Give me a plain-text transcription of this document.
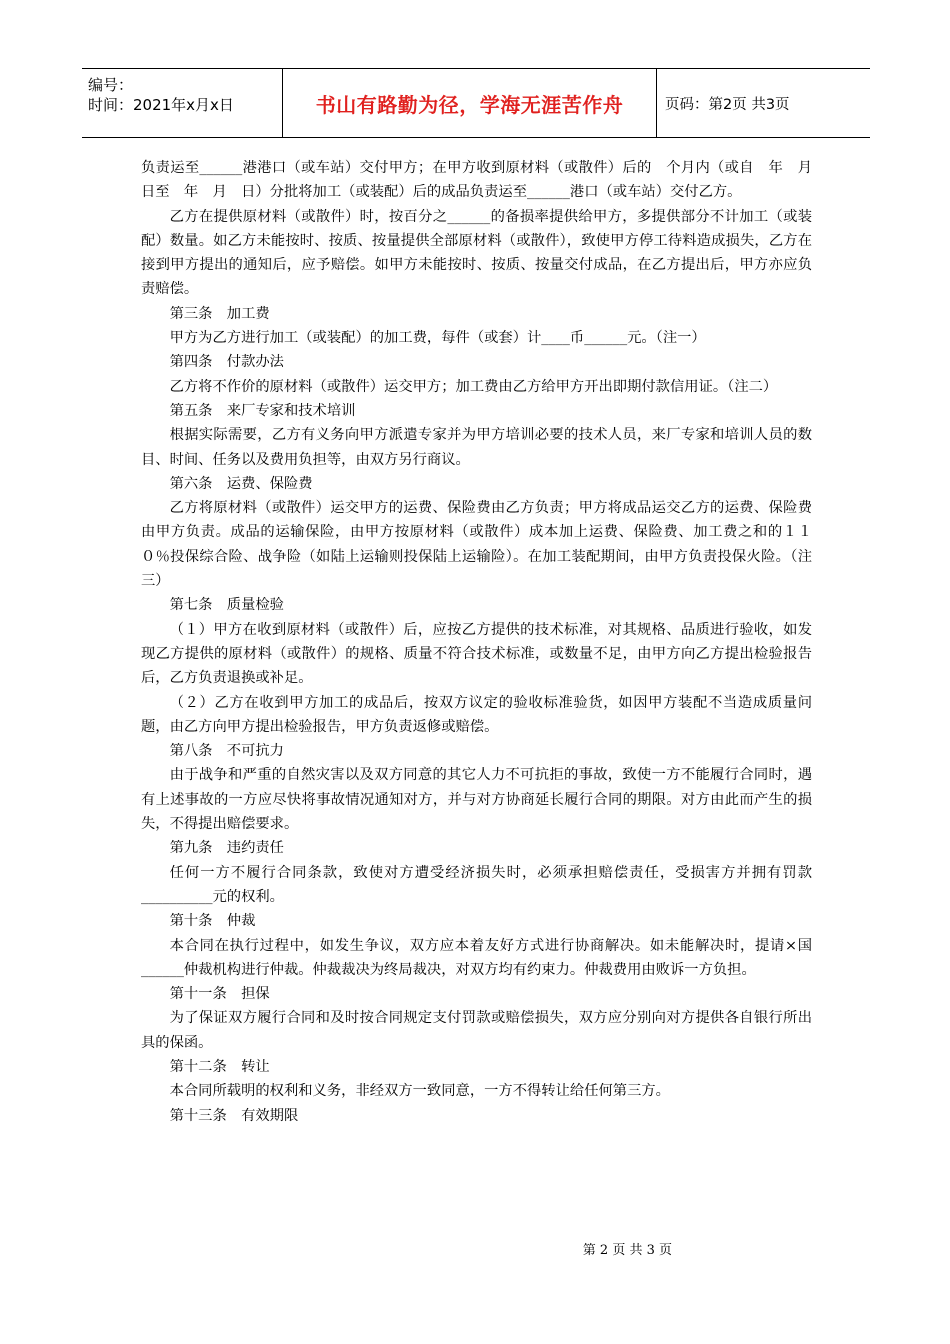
编号：
时间：2021年x月x日	书山有路勤为径，学海无涯苦作舟	页码：第2页 共3页

负责运至______港港口（或车站）交付甲方；在甲方收到原材料（或散件）后的　个月内（或自　年　月　日至　年　月　日）分批将加工（或装配）后的成品负责运至______港口（或车站）交付乙方。

乙方在提供原材料（或散件）时，按百分之______的备损率提供给甲方，多提供部分不计加工（或装配）数量。如乙方未能按时、按质、按量提供全部原材料（或散件），致使甲方停工待料造成损失，乙方在接到甲方提出的通知后，应予赔偿。如甲方未能按时、按质、按量交付成品，在乙方提出后，甲方亦应负责赔偿。

第三条　加工费

甲方为乙方进行加工（或装配）的加工费，每件（或套）计____币______元。（注一）

第四条　付款办法

乙方将不作价的原材料（或散件）运交甲方；加工费由乙方给甲方开出即期付款信用证。（注二）

第五条　来厂专家和技术培训

根据实际需要，乙方有义务向甲方派遣专家并为甲方培训必要的技术人员，来厂专家和培训人员的数目、时间、任务以及费用负担等，由双方另行商议。

第六条　运费、保险费

乙方将原材料（或散件）运交甲方的运费、保险费由乙方负责；甲方将成品运交乙方的运费、保险费由甲方负责。成品的运输保险，由甲方按原材料（或散件）成本加上运费、保险费、加工费之和的１１０％投保综合险、战争险（如陆上运输则投保陆上运输险）。在加工装配期间，由甲方负责投保火险。（注三）

第七条　质量检验

（１）甲方在收到原材料（或散件）后，应按乙方提供的技术标准，对其规格、品质进行验收，如发现乙方提供的原材料（或散件）的规格、质量不符合技术标准，或数量不足，由甲方向乙方提出检验报告后，乙方负责退换或补足。

（２）乙方在收到甲方加工的成品后，按双方议定的验收标准验货，如因甲方装配不当造成质量问题，由乙方向甲方提出检验报告，甲方负责返修或赔偿。

第八条　不可抗力

由于战争和严重的自然灾害以及双方同意的其它人力不可抗拒的事故，致使一方不能履行合同时，遇有上述事故的一方应尽快将事故情况通知对方，并与对方协商延长履行合同的期限。对方由此而产生的损失，不得提出赔偿要求。

第九条　违约责任

任何一方不履行合同条款，致使对方遭受经济损失时，必须承担赔偿责任，受损害方并拥有罚款__________元的权利。

第十条　仲裁

本合同在执行过程中，如发生争议，双方应本着友好方式进行协商解决。如未能解决时，提请×国______仲裁机构进行仲裁。仲裁裁决为终局裁决，对双方均有约束力。仲裁费用由败诉一方负担。

第十一条　担保

为了保证双方履行合同和及时按合同规定支付罚款或赔偿损失，双方应分别向对方提供各自银行所出具的保函。

第十二条　转让

本合同所载明的权利和义务，非经双方一致同意，一方不得转让给任何第三方。

第十三条　有效期限

第 2 页 共 3 页
